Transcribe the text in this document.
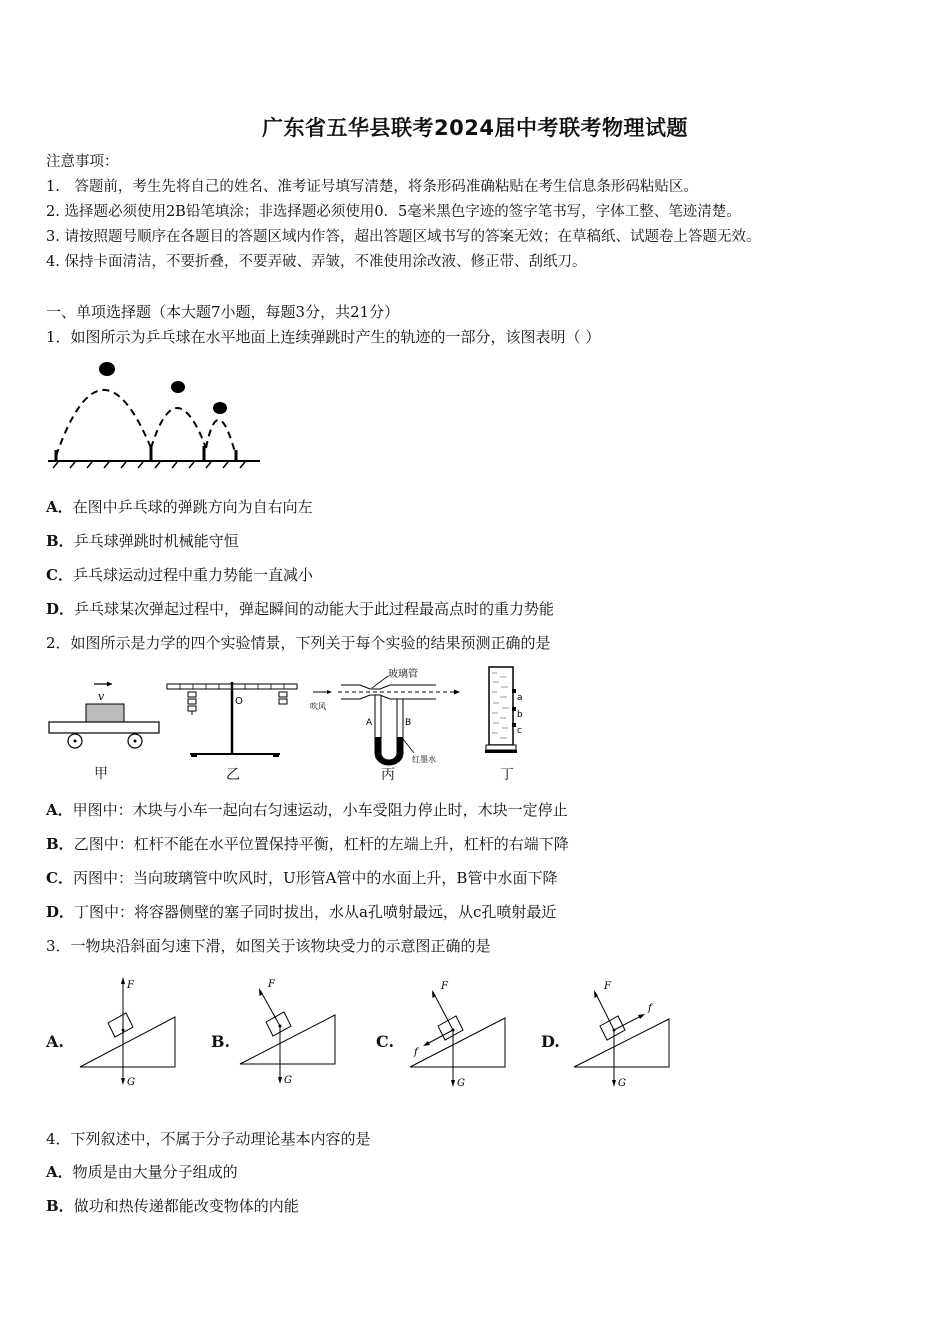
广东省五华县联考2024届中考联考物理试题
注意事项：
1.　答题前，考生先将自己的姓名、准考证号填写清楚，将条形码准确粘贴在考生信息条形码粘贴区。
2. 选择题必须使用2B铅笔填涂；非选择题必须使用0．5毫米黑色字迹的签字笔书写，字体工整、笔迹清楚。
3. 请按照题号顺序在各题目的答题区域内作答，超出答题区域书写的答案无效；在草稿纸、试题卷上答题无效。
4. 保持卡面清洁，不要折叠，不要弄破、弄皱，不准使用涂改液、修正带、刮纸刀。
一、单项选择题（本大题7小题，每题3分，共21分）
1．如图所示为乒乓球在水平地面上连续弹跳时产生的轨迹的一部分，该图表明（ ）
A．在图中乒乓球的弹跳方向为自右向左
B．乒乓球弹跳时机械能守恒
C．乒乓球运动过程中重力势能一直减小
D．乒乓球某次弹起过程中，弹起瞬间的动能大于此过程最高点时的重力势能
2．如图所示是力学的四个实验情景，下列关于每个实验的结果预测正确的是
v
甲
O
乙
吹风
玻璃管
A	B
红墨水
丙
a
b
c
丁
A．甲图中：木块与小车一起向右匀速运动，小车受阻力停止时，木块一定停止
B．乙图中：杠杆不能在水平位置保持平衡，杠杆的左端上升，杠杆的右端下降
C．丙图中：当向玻璃管中吹风时，U形管A管中的水面上升，B管中水面下降
D．丁图中：将容器侧壁的塞子同时拔出，水从a孔喷射最远，从c孔喷射最近
3．一物块沿斜面匀速下滑，如图关于该物块受力的示意图正确的是
A.
F
G
B.
F
G
C.
F
f
G
D.
F
f
G
4．下列叙述中，不属于分子动理论基本内容的是
A．物质是由大量分子组成的
B．做功和热传递都能改变物体的内能
